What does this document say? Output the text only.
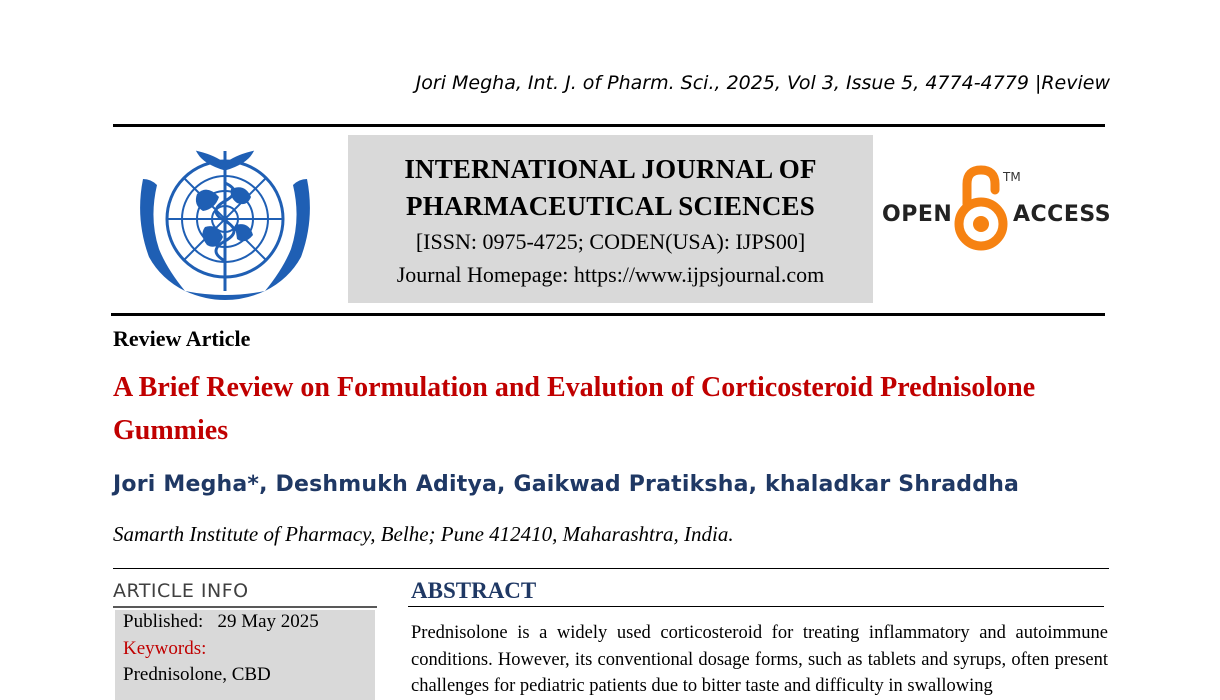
Jori Megha, Int. J. of Pharm. Sci., 2025, Vol 3, Issue 5, 4774-4779 |Review
INTERNATIONAL JOURNAL OF
PHARMACEUTICAL SCIENCES
[ISSN: 0975-4725; CODEN(USA): IJPS00]
Journal Homepage: https://www.ijpsjournal.com
OPEN
TM
ACCESS
Review Article
A Brief Review on Formulation and Evalution of Corticosteroid Prednisolone Gummies
Jori Megha*, Deshmukh Aditya, Gaikwad Pratiksha, khaladkar Shraddha
Samarth Institute of Pharmacy, Belhe; Pune 412410, Maharashtra, India.
ARTICLE INFO
Published: 29 May 2025
Keywords:
Prednisolone, CBD
ABSTRACT
Prednisolone is a widely used corticosteroid for treating inflammatory and autoimmune conditions. However, its conventional dosage forms, such as tablets and syrups, often present challenges for pediatric patients due to bitter taste and difficulty in swallowing
